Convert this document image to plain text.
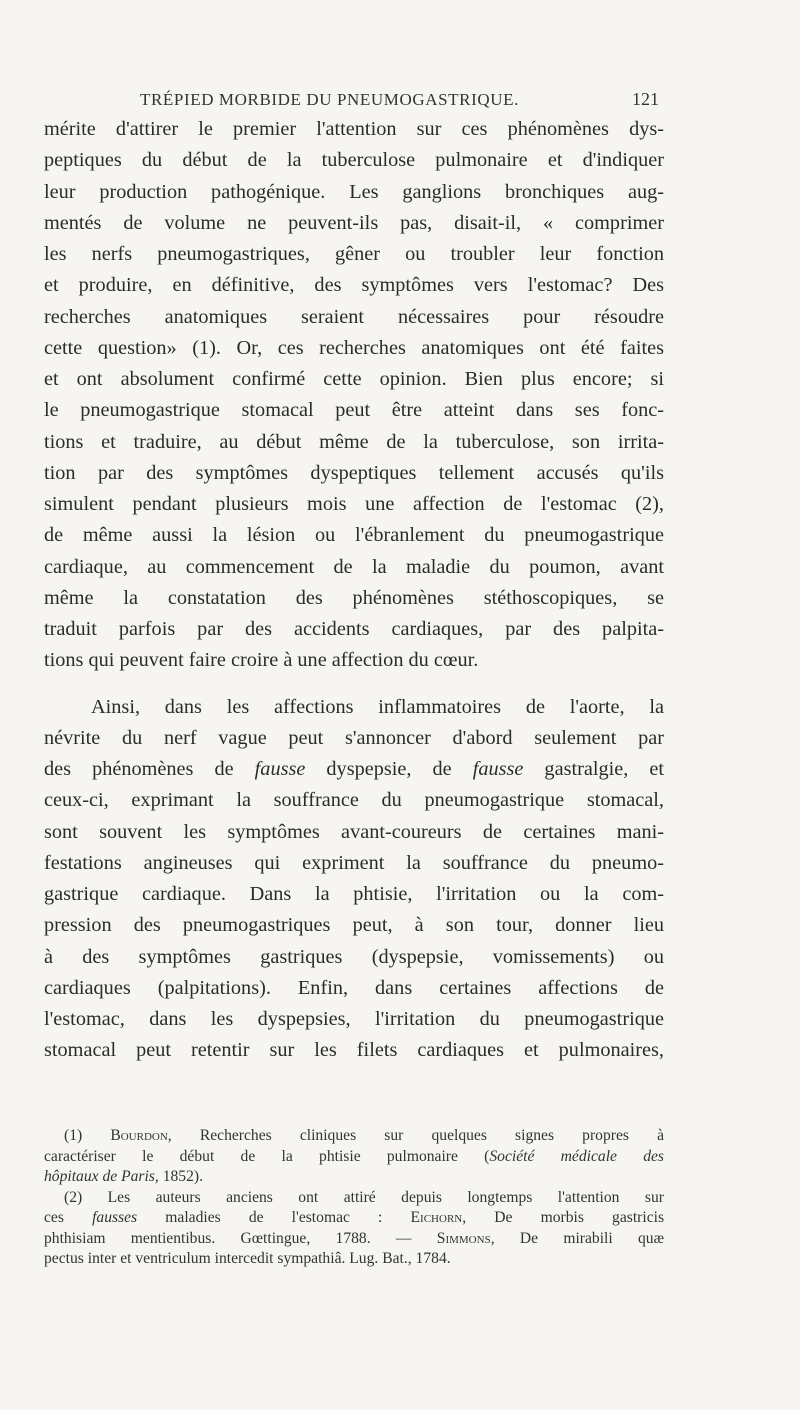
TRÉPIED MORBIDE DU PNEUMOGASTRIQUE.	121
mérite d'attirer le premier l'attention sur ces phénomènes dys-
peptiques du début de la tuberculose pulmonaire et d'indiquer
leur production pathogénique. Les ganglions bronchiques aug-
mentés de volume ne peuvent-ils pas, disait-il, « comprimer
les nerfs pneumogastriques, gêner ou troubler leur fonction
et produire, en définitive, des symptômes vers l'estomac? Des
recherches anatomiques seraient nécessaires pour résoudre
cette question» (1). Or, ces recherches anatomiques ont été faites
et ont absolument confirmé cette opinion. Bien plus encore; si
le pneumogastrique stomacal peut être atteint dans ses fonc-
tions et traduire, au début même de la tuberculose, son irrita-
tion par des symptômes dyspeptiques tellement accusés qu'ils
simulent pendant plusieurs mois une affection de l'estomac (2),
de même aussi la lésion ou l'ébranlement du pneumogastrique
cardiaque, au commencement de la maladie du poumon, avant
même la constatation des phénomènes stéthoscopiques, se
traduit parfois par des accidents cardiaques, par des palpita-
tions qui peuvent faire croire à une affection du cœur.
Ainsi, dans les affections inflammatoires de l'aorte, la
névrite du nerf vague peut s'annoncer d'abord seulement par
des phénomènes de fausse dyspepsie, de fausse gastralgie, et
ceux-ci, exprimant la souffrance du pneumogastrique stomacal,
sont souvent les symptômes avant-coureurs de certaines mani-
festations angineuses qui expriment la souffrance du pneumo-
gastrique cardiaque. Dans la phtisie, l'irritation ou la com-
pression des pneumogastriques peut, à son tour, donner lieu
à des symptômes gastriques (dyspepsie, vomissements) ou
cardiaques (palpitations). Enfin, dans certaines affections de
l'estomac, dans les dyspepsies, l'irritation du pneumogastrique
stomacal peut retentir sur les filets cardiaques et pulmonaires,
(1) Bourdon, Recherches cliniques sur quelques signes propres à
caractériser le début de la phtisie pulmonaire (Société médicale des
hôpitaux de Paris, 1852).
(2) Les auteurs anciens ont attiré depuis longtemps l'attention sur
ces fausses maladies de l'estomac : Eichorn, De morbis gastricis
phthisiam mentientibus. Gœttingue, 1788. — Simmons, De mirabili quæ
pectus inter et ventriculum intercedit sympathiâ. Lug. Bat., 1784.
